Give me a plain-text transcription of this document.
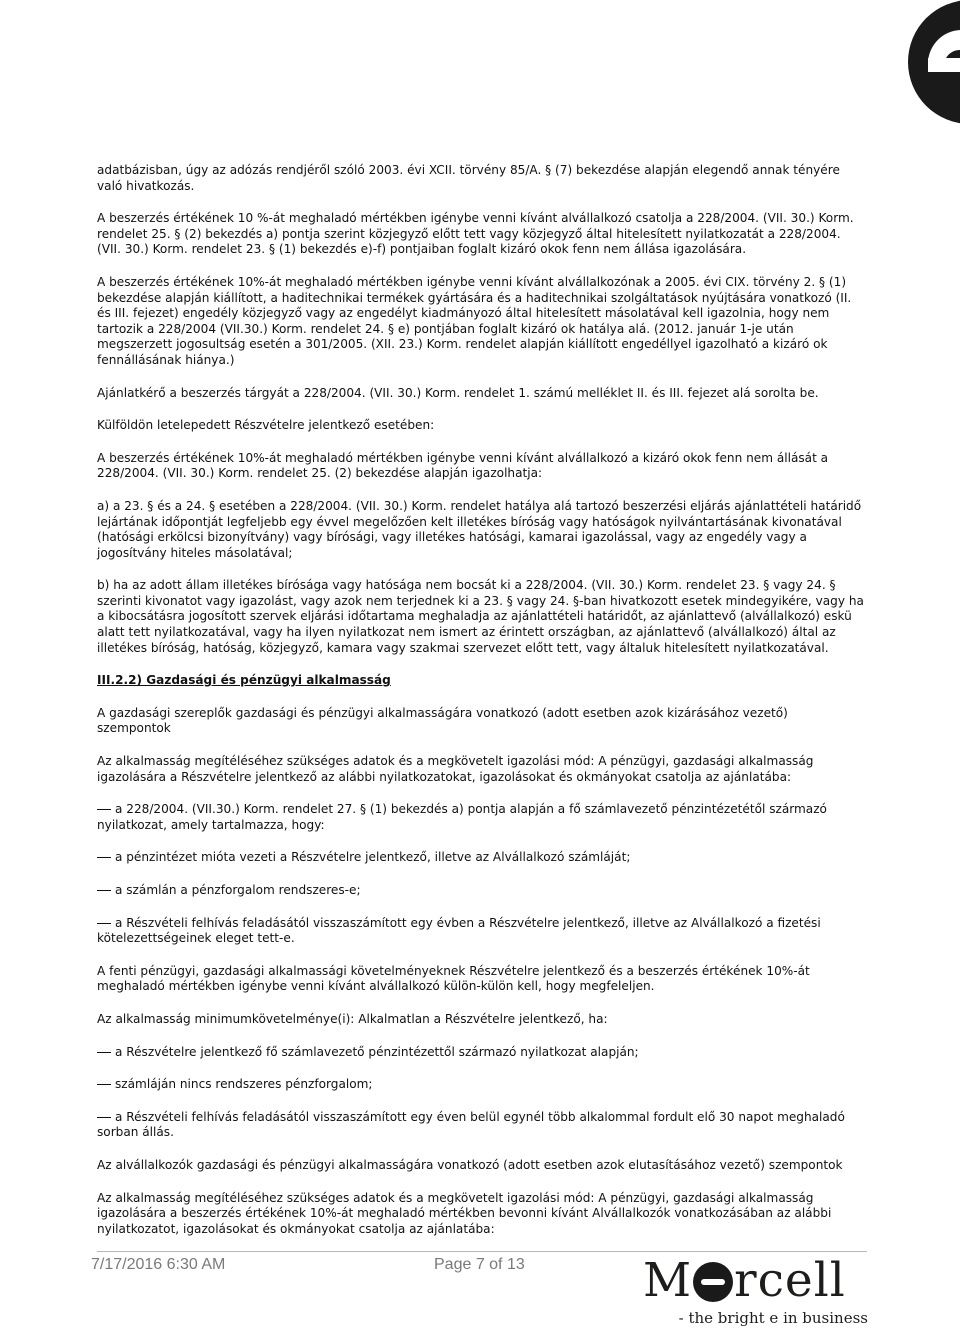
adatbázisban, úgy az adózás rendjéről szóló 2003. évi XCII. törvény 85/A. § (7) bekezdése alapján elegendő annak tényére való hivatkozás.

A beszerzés értékének 10 %-át meghaladó mértékben igénybe venni kívánt alvállalkozó csatolja a 228/2004. (VII. 30.) Korm. rendelet 25. § (2) bekezdés a) pontja szerint közjegyző előtt tett vagy közjegyző által hitelesített nyilatkozatát a 228/2004. (VII. 30.) Korm. rendelet 23. § (1) bekezdés e)-f) pontjaiban foglalt kizáró okok fenn nem állása igazolására.

A beszerzés értékének 10%-át meghaladó mértékben igénybe venni kívánt alvállalkozónak a 2005. évi CIX. törvény 2. § (1) bekezdése alapján kiállított, a haditechnikai termékek gyártására és a haditechnikai szolgáltatások nyújtására vonatkozó (II. és III. fejezet) engedély közjegyző vagy az engedélyt kiadmányozó által hitelesített másolatával kell igazolnia, hogy nem tartozik a 228/2004 (VII.30.) Korm. rendelet 24. § e) pontjában foglalt kizáró ok hatálya alá. (2012. január 1-je után megszerzett jogosultság esetén a 301/2005. (XII. 23.) Korm. rendelet alapján kiállított engedéllyel igazolható a kizáró ok fennállásának hiánya.)

Ajánlatkérő a beszerzés tárgyát a 228/2004. (VII. 30.) Korm. rendelet 1. számú melléklet II. és III. fejezet alá sorolta be.

Külföldön letelepedett Részvételre jelentkező esetében:

A beszerzés értékének 10%-át meghaladó mértékben igénybe venni kívánt alvállalkozó a kizáró okok fenn nem állását a 228/2004. (VII. 30.) Korm. rendelet 25. (2) bekezdése alapján igazolhatja:

a) a 23. § és a 24. § esetében a 228/2004. (VII. 30.) Korm. rendelet hatálya alá tartozó beszerzési eljárás ajánlattételi határidő lejártának időpontját legfeljebb egy évvel megelőzően kelt illetékes bíróság vagy hatóságok nyilvántartásának kivonatával (hatósági erkölcsi bizonyítvány) vagy bírósági, vagy illetékes hatósági, kamarai igazolással, vagy az engedély vagy a jogosítvány hiteles másolatával;

b) ha az adott állam illetékes bírósága vagy hatósága nem bocsát ki a 228/2004. (VII. 30.) Korm. rendelet 23. § vagy 24. § szerinti kivonatot vagy igazolást, vagy azok nem terjednek ki a 23. § vagy 24. §-ban hivatkozott esetek mindegyikére, vagy ha a kibocsátásra jogosított szervek eljárási időtartama meghaladja az ajánlattételi határidőt, az ajánlattevő (alvállalkozó) eskü alatt tett nyilatkozatával, vagy ha ilyen nyilatkozat nem ismert az érintett országban, az ajánlattevő (alvállalkozó) által az illetékes bíróság, hatóság, közjegyző, kamara vagy szakmai szervezet előtt tett, vagy általuk hitelesített nyilatkozatával.

III.2.2) Gazdasági és pénzügyi alkalmasság

A gazdasági szereplők gazdasági és pénzügyi alkalmasságára vonatkozó (adott esetben azok kizárásához vezető) szempontok

Az alkalmasság megítéléséhez szükséges adatok és a megkövetelt igazolási mód: A pénzügyi, gazdasági alkalmasság igazolására a Részvételre jelentkező az alábbi nyilatkozatokat, igazolásokat és okmányokat csatolja az ajánlatába:

a 228/2004. (VII.30.) Korm. rendelet 27. § (1) bekezdés a) pontja alapján a fő számlavezető pénzintézetétől származó nyilatkozat, amely tartalmazza, hogy:

a pénzintézet mióta vezeti a Részvételre jelentkező, illetve az Alvállalkozó számláját;

a számlán a pénzforgalom rendszeres-e;

a Részvételi felhívás feladásától visszaszámított egy évben a Részvételre jelentkező, illetve az Alvállalkozó a fizetési kötelezettségeinek eleget tett-e.

A fenti pénzügyi, gazdasági alkalmassági követelményeknek Részvételre jelentkező és a beszerzés értékének 10%-át meghaladó mértékben igénybe venni kívánt alvállalkozó külön-külön kell, hogy megfeleljen.

Az alkalmasság minimumkövetelménye(i): Alkalmatlan a Részvételre jelentkező, ha:

a Részvételre jelentkező fő számlavezető pénzintézettől származó nyilatkozat alapján;

számláján nincs rendszeres pénzforgalom;

a Részvételi felhívás feladásától visszaszámított egy éven belül egynél több alkalommal fordult elő 30 napot meghaladó sorban állás.

Az alvállalkozók gazdasági és pénzügyi alkalmasságára vonatkozó (adott esetben azok elutasításához vezető) szempontok

Az alkalmasság megítéléséhez szükséges adatok és a megkövetelt igazolási mód: A pénzügyi, gazdasági alkalmasság igazolására a beszerzés értékének 10%-át meghaladó mértékben bevonni kívánt Alvállalkozók vonatkozásában az alábbi nyilatkozatot, igazolásokat és okmányokat csatolja az ajánlatába:

7/17/2016 6:30 AM	Page 7 of 13	M rcell
- the bright e in business
